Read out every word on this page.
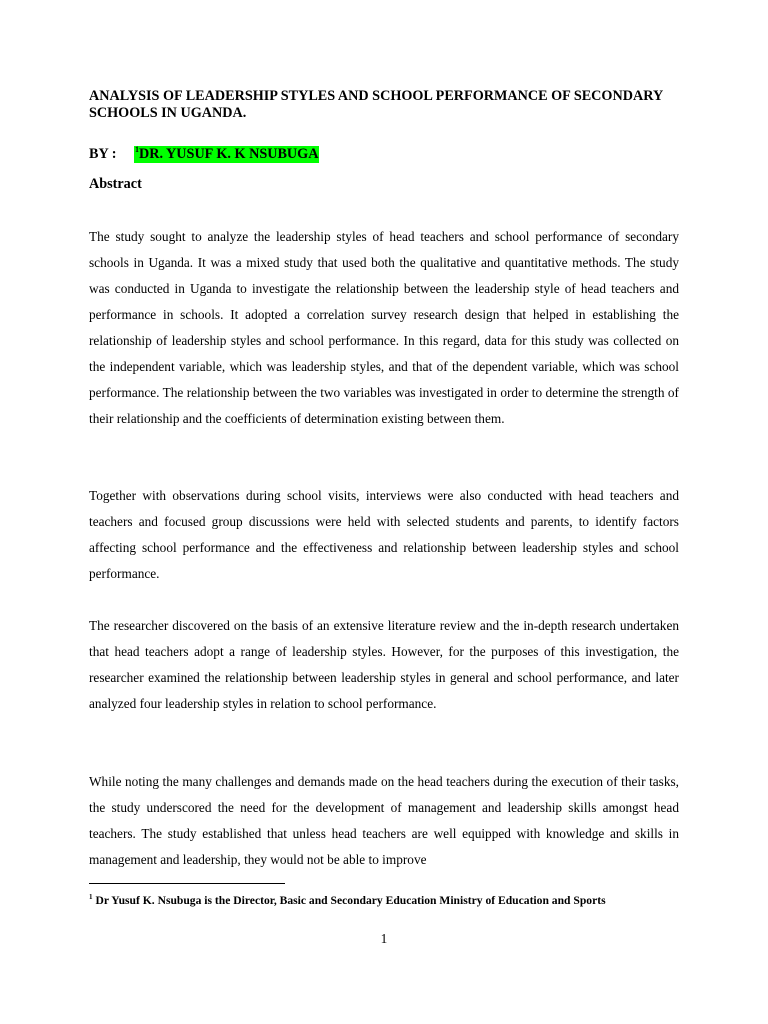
ANALYSIS OF LEADERSHIP STYLES AND SCHOOL PERFORMANCE OF SECONDARY SCHOOLS IN UGANDA.
BY : $^1$DR. YUSUF K. K NSUBUGA
Abstract

The study sought to analyze the leadership styles of head teachers and school performance of secondary schools in Uganda. It was a mixed study that used both the qualitative and quantitative methods. The study was conducted in Uganda to investigate the relationship between the leadership style of head teachers and performance in schools. It adopted a correlation survey research design that helped in establishing the relationship of leadership styles and school performance. In this regard, data for this study was collected on the independent variable, which was leadership styles, and that of the dependent variable, which was school performance. The relationship between the two variables was investigated in order to determine the strength of their relationship and the coefficients of determination existing between them.

Together with observations during school visits, interviews were also conducted with head teachers and teachers and focused group discussions were held with selected students and parents, to identify factors affecting school performance and the effectiveness and relationship between leadership styles and school performance.

The researcher discovered on the basis of an extensive literature review and the in-depth research undertaken that head teachers adopt a range of leadership styles. However, for the purposes of this investigation, the researcher examined the relationship between leadership styles in general and school performance, and later analyzed four leadership styles in relation to school performance.

While noting the many challenges and demands made on the head teachers during the execution of their tasks, the study underscored the need for the development of management and leadership skills amongst head teachers. The study established that unless head teachers are well equipped with knowledge and skills in management and leadership, they would not be able to improve

$^1$ Dr Yusuf K. Nsubuga is the Director, Basic and Secondary Education Ministry of Education and Sports
1
